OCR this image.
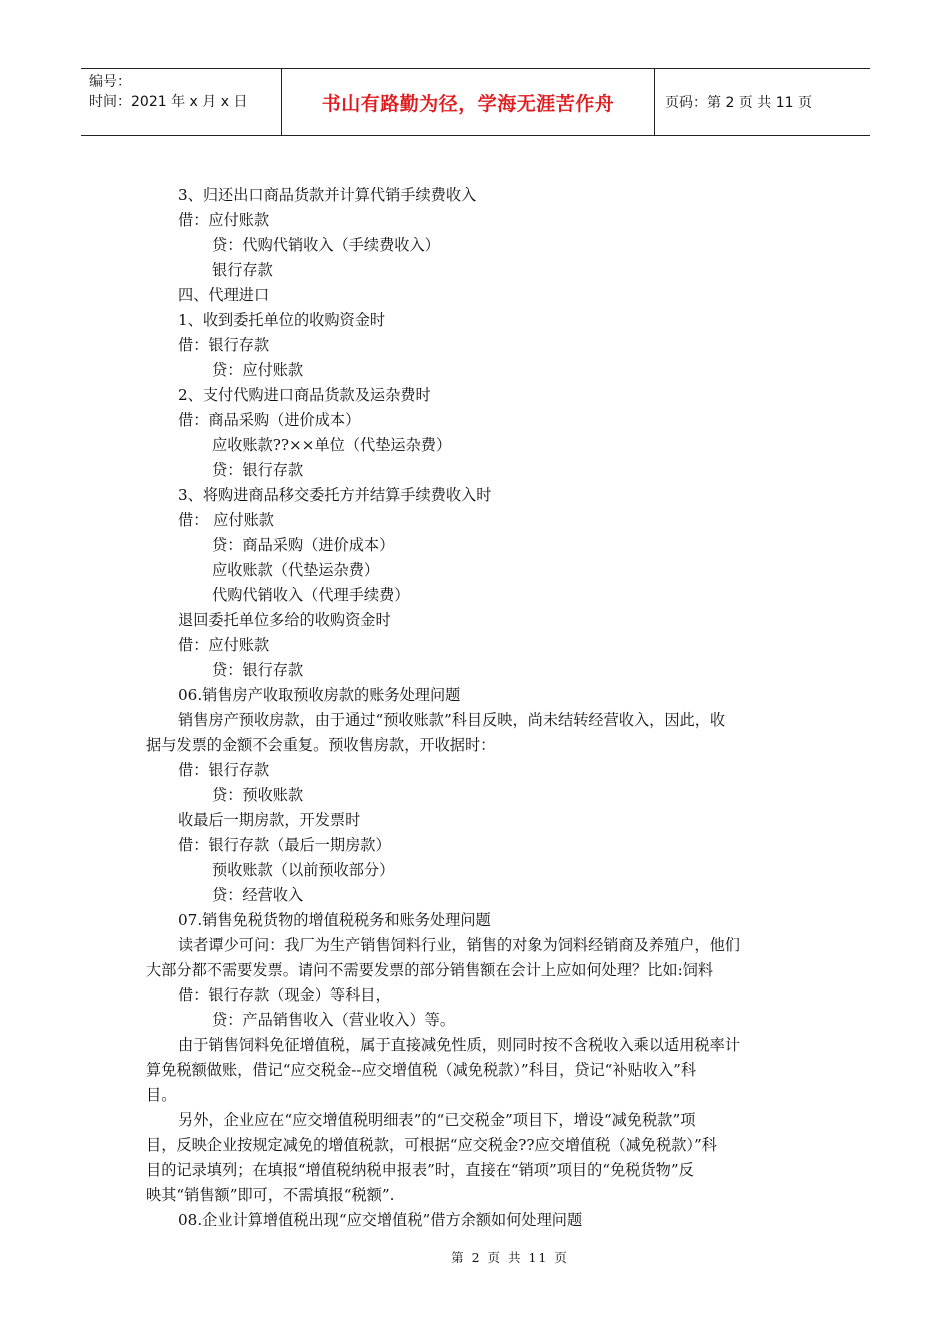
编号：
时间：2021 年 x 月 x 日	书山有路勤为径，学海无涯苦作舟	页码：第 2 页 共 11 页
3、归还出口商品货款并计算代销手续费收入
借：应付账款
贷：代购代销收入（手续费收入）
银行存款
四、代理进口
1、收到委托单位的收购资金时
借：银行存款
贷：应付账款
2、支付代购进口商品货款及运杂费时
借：商品采购（进价成本）
应收账款??××单位（代垫运杂费）
贷：银行存款
3、将购进商品移交委托方并结算手续费收入时
借： 应付账款
贷：商品采购（进价成本）
应收账款（代垫运杂费）
代购代销收入（代理手续费）
退回委托单位多给的收购资金时
借：应付账款
贷：银行存款
06.销售房产收取预收房款的账务处理问题
销售房产预收房款，由于通过“预收账款”科目反映，尚未结转经营收入，因此，收
据与发票的金额不会重复。预收售房款，开收据时：
借：银行存款
贷：预收账款
收最后一期房款，开发票时
借：银行存款（最后一期房款）
预收账款（以前预收部分）
贷：经营收入
07.销售免税货物的增值税税务和账务处理问题
读者谭少可问：我厂为生产销售饲料行业，销售的对象为饲料经销商及养殖户，他们
大部分都不需要发票。请问不需要发票的部分销售额在会计上应如何处理？比如:饲料
借：银行存款（现金）等科目，
贷：产品销售收入（营业收入）等。
由于销售饲料免征增值税，属于直接减免性质，则同时按不含税收入乘以适用税率计
算免税额做账，借记“应交税金--应交增值税（减免税款）”科目，贷记“补贴收入”科
目。
另外，企业应在“应交增值税明细表”的“已交税金”项目下，增设“减免税款”项
目，反映企业按规定减免的增值税款，可根据“应交税金??应交增值税（减免税款）”科
目的记录填列；在填报“增值税纳税申报表”时，直接在“销项”项目的“免税货物”反
映其“销售额”即可，不需填报“税额”.
08.企业计算增值税出现“应交增值税”借方余额如何处理问题
第 2 页 共 11 页
